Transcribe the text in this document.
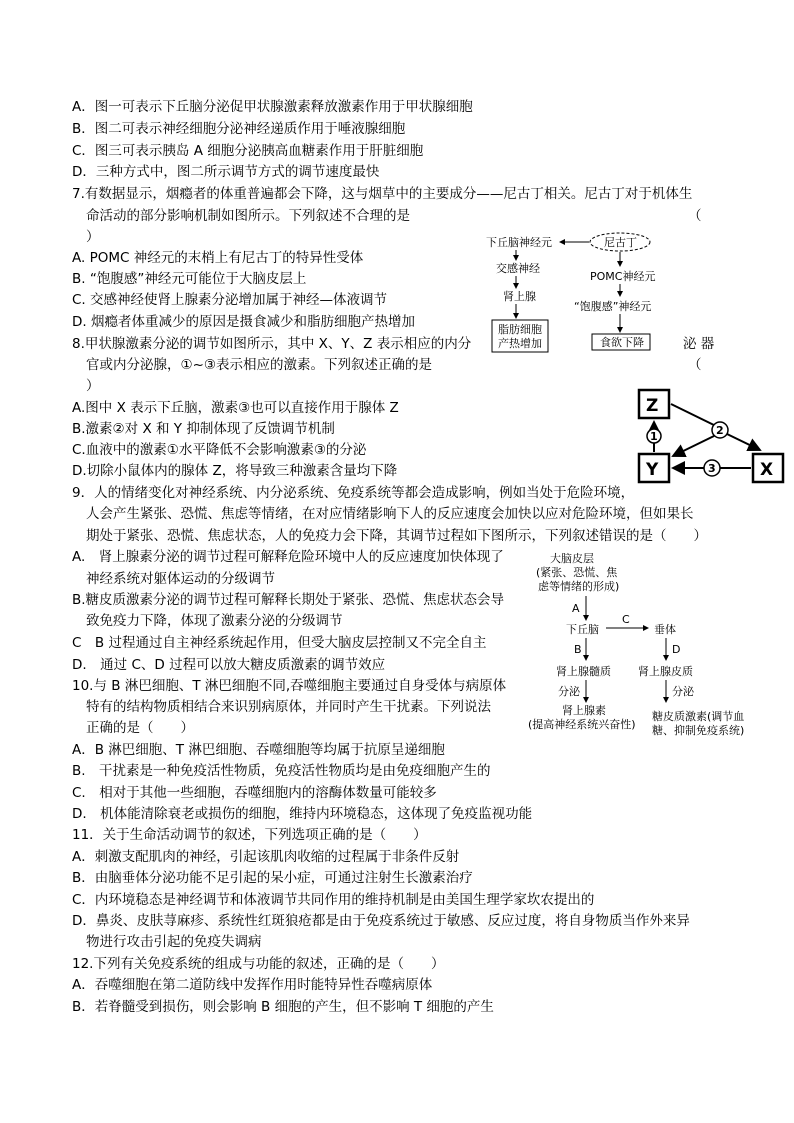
A．图一可表示下丘脑分泌促甲状腺激素释放激素作用于甲状腺细胞
B．图二可表示神经细胞分泌神经递质作用于唾液腺细胞
C．图三可表示胰岛 A 细胞分泌胰高血糖素作用于肝脏细胞
D．三种方式中，图二所示调节方式的调节速度最快
7.有数据显示，烟瘾者的体重普遍都会下降，这与烟草中的主要成分——尼古丁相关。尼古丁对于机体生
命活动的部分影响机制如图所示。下列叙述不合理的是	（
）
A. POMC 神经元的末梢上有尼古丁的特异性受体
B. “饱腹感”神经元可能位于大脑皮层上
C. 交感神经使肾上腺素分泌增加属于神经—体液调节
D. 烟瘾者体重减少的原因是摄食减少和脂肪细胞产热增加
下丘脑神经元	尼古丁
交感神经
POMC神经元
肾上腺
“饱腹感”神经元
脂肪细胞
产热增加	食欲下降
8.甲状腺激素分泌的调节如图所示，其中 X、Y、Z 表示相应的内分	泌 器
官或内分泌腺，①~③表示相应的激素。下列叙述正确的是	（
）
A.图中 X 表示下丘脑，激素③也可以直接作用于腺体 Z
B.激素②对 X 和 Y 抑制体现了反馈调节机制
C.血液中的激素①水平降低不会影响激素③的分泌
D.切除小鼠体内的腺体 Z，将导致三种激素含量均下降
Z
Y	X
1	2
3
9．人的情绪变化对神经系统、内分泌系统、免疫系统等都会造成影响，例如当处于危险环境，
人会产生紧张、恐慌、焦虑等情绪，在对应情绪影响下人的反应速度会加快以应对危险环境，但如果长
期处于紧张、恐慌、焦虑状态，人的免疫力会下降，其调节过程如下图所示，下列叙述错误的是（　　）
A.　肾上腺素分泌的调节过程可解释危险环境中人的反应速度加快体现了
神经系统对躯体运动的分级调节
B.糖皮质激素分泌的调节过程可解释长期处于紧张、恐慌、焦虑状态会导
致免疫力下降，体现了激素分泌的分级调节
C　B 过程通过自主神经系统起作用，但受大脑皮层控制又不完全自主
D.　通过 C、D 过程可以放大糖皮质激素的调节效应
大脑皮层
(紧张、恐慌、焦
虑等情绪的形成)
A
下丘脑
C
垂体
B	D
肾上腺髓质 肾上腺皮质
分泌	分泌
肾上腺素
(提高神经系统兴奋性)
糖皮质激素(调节血
糖、抑制免疫系统)
10.与 B 淋巴细胞、T 淋巴细胞不同,吞噬细胞主要通过自身受体与病原体
特有的结构物质相结合来识别病原体，并同时产生干扰素。下列说法
正确的是（　　）
A．B 淋巴细胞、T 淋巴细胞、吞噬细胞等均属于抗原呈递细胞
B.　干扰素是一种免疫活性物质，免疫活性物质均是由免疫细胞产生的
C.　相对于其他一些细胞，吞噬细胞内的溶酶体数量可能较多
D.　机体能清除衰老或损伤的细胞，维持内环境稳态，这体现了免疫监视功能
11．关于生命活动调节的叙述，下列选项正确的是（　　）
A．刺激支配肌肉的神经，引起该肌肉收缩的过程属于非条件反射
B．由脑垂体分泌功能不足引起的呆小症，可通过注射生长激素治疗
C．内环境稳态是神经调节和体液调节共同作用的维持机制是由美国生理学家坎农提出的
D．鼻炎、皮肤荨麻疹、系统性红斑狼疮都是由于免疫系统过于敏感、反应过度，将自身物质当作外来异
物进行攻击引起的免疫失调病
12.下列有关免疫系统的组成与功能的叙述，正确的是（　　）
A．吞噬细胞在第二道防线中发挥作用时能特异性吞噬病原体
B．若脊髓受到损伤，则会影响 B 细胞的产生，但不影响 T 细胞的产生
